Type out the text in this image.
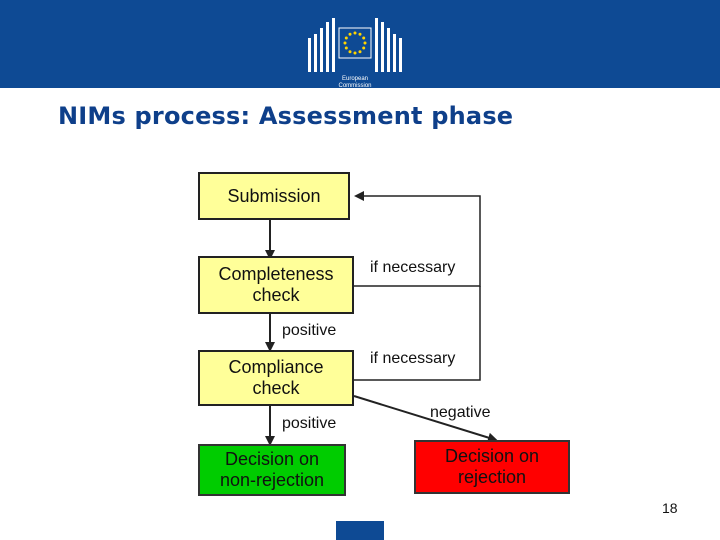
European
Commission
NIMs process: Assessment phase
Submission
Completeness
check
Compliance
check
Decision on
non-rejection
Decision on
rejection
positive
positive
if necessary
if necessary
negative
18
